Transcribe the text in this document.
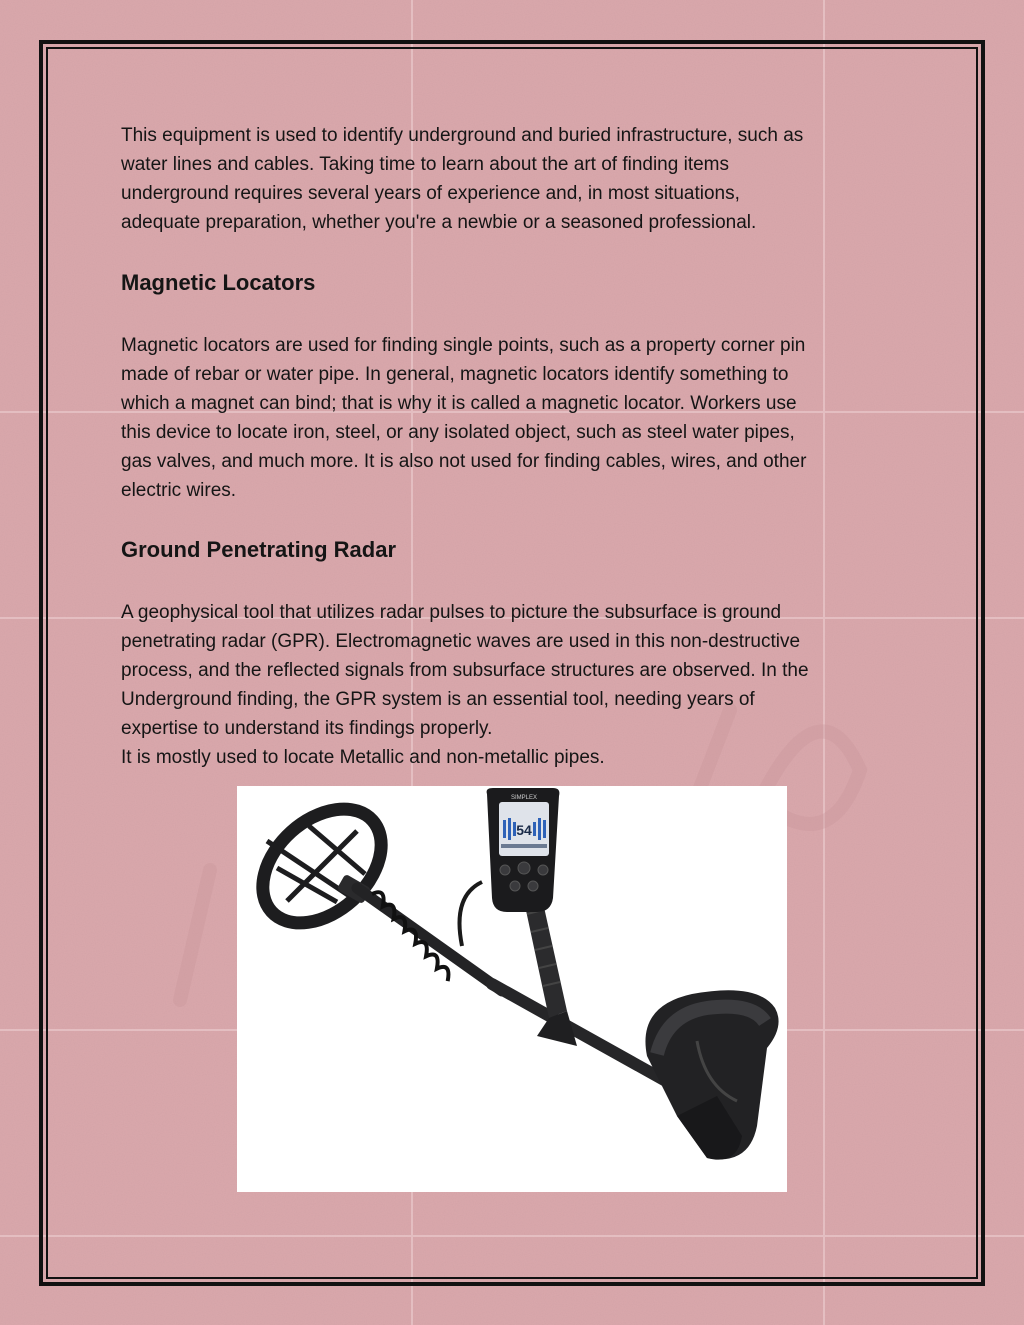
This equipment is used to identify underground and buried infrastructure, such as
water lines and cables. Taking time to learn about the art of finding items
underground requires several years of experience and, in most situations,
adequate preparation, whether you're a newbie or a seasoned professional.

Magnetic Locators

Magnetic locators are used for finding single points, such as a property corner pin
made of rebar or water pipe. In general, magnetic locators identify something to
which a magnet can bind; that is why it is called a magnetic locator. Workers use
this device to locate iron, steel, or any isolated object, such as steel water pipes,
gas valves, and much more. It is also not used for finding cables, wires, and other
electric wires.

Ground Penetrating Radar

A geophysical tool that utilizes radar pulses to picture the subsurface is ground
penetrating radar (GPR). Electromagnetic waves are used in this non-destructive
process, and the reflected signals from subsurface structures are observed. In the
Underground finding, the GPR system is an essential tool, needing years of
expertise to understand its findings properly.
It is mostly used to locate Metallic and non-metallic pipes.

54
SIMPLEX
